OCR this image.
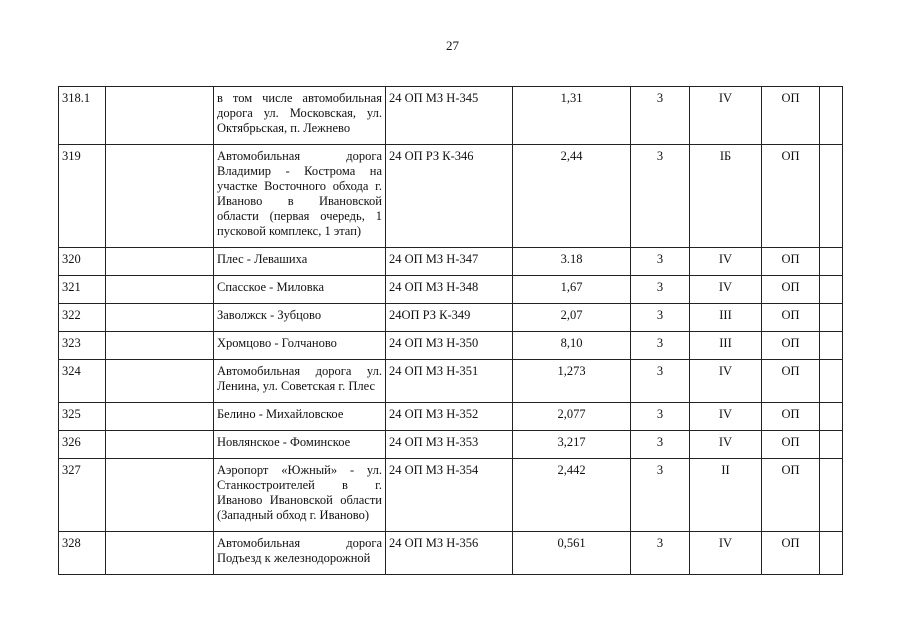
27
318.1		в том числе автомобильная дорога ул. Московская, ул. Октябрьская, п. Лежнево	24 ОП МЗ Н-345	1,31	3	IV	ОП	
319		Автомобильная дорога Владимир - Кострома на участке Восточного обхода г. Иваново в Ивановской области (первая очередь, 1 пусковой комплекс, 1 этап)	24 ОП РЗ К-346	2,44	3	IБ	ОП	
320		Плес - Левашиха	24 ОП МЗ Н-347	3.18	3	IV	ОП	
321		Спасское - Миловка	24 ОП МЗ Н-348	1,67	3	IV	ОП	
322		Заволжск - Зубцово	24ОП РЗ К-349	2,07	3	III	ОП	
323		Хромцово - Голчаново	24 ОП МЗ Н-350	8,10	3	III	ОП	
324		Автомобильная дорога ул. Ленина, ул. Советская г. Плес	24 ОП МЗ Н-351	1,273	3	IV	ОП	
325		Белино - Михайловское	24 ОП МЗ Н-352	2,077	3	IV	ОП	
326		Новлянское - Фоминское	24 ОП МЗ Н-353	3,217	3	IV	ОП	
327		Аэропорт «Южный» - ул. Станкостроителей в г. Иваново Ивановской области (Западный обход г. Иваново)	24 ОП МЗ Н-354	2,442	3	II	ОП	
328		Автомобильная дорога Подъезд к железнодорожной	24 ОП МЗ Н-356	0,561	3	IV	ОП	
